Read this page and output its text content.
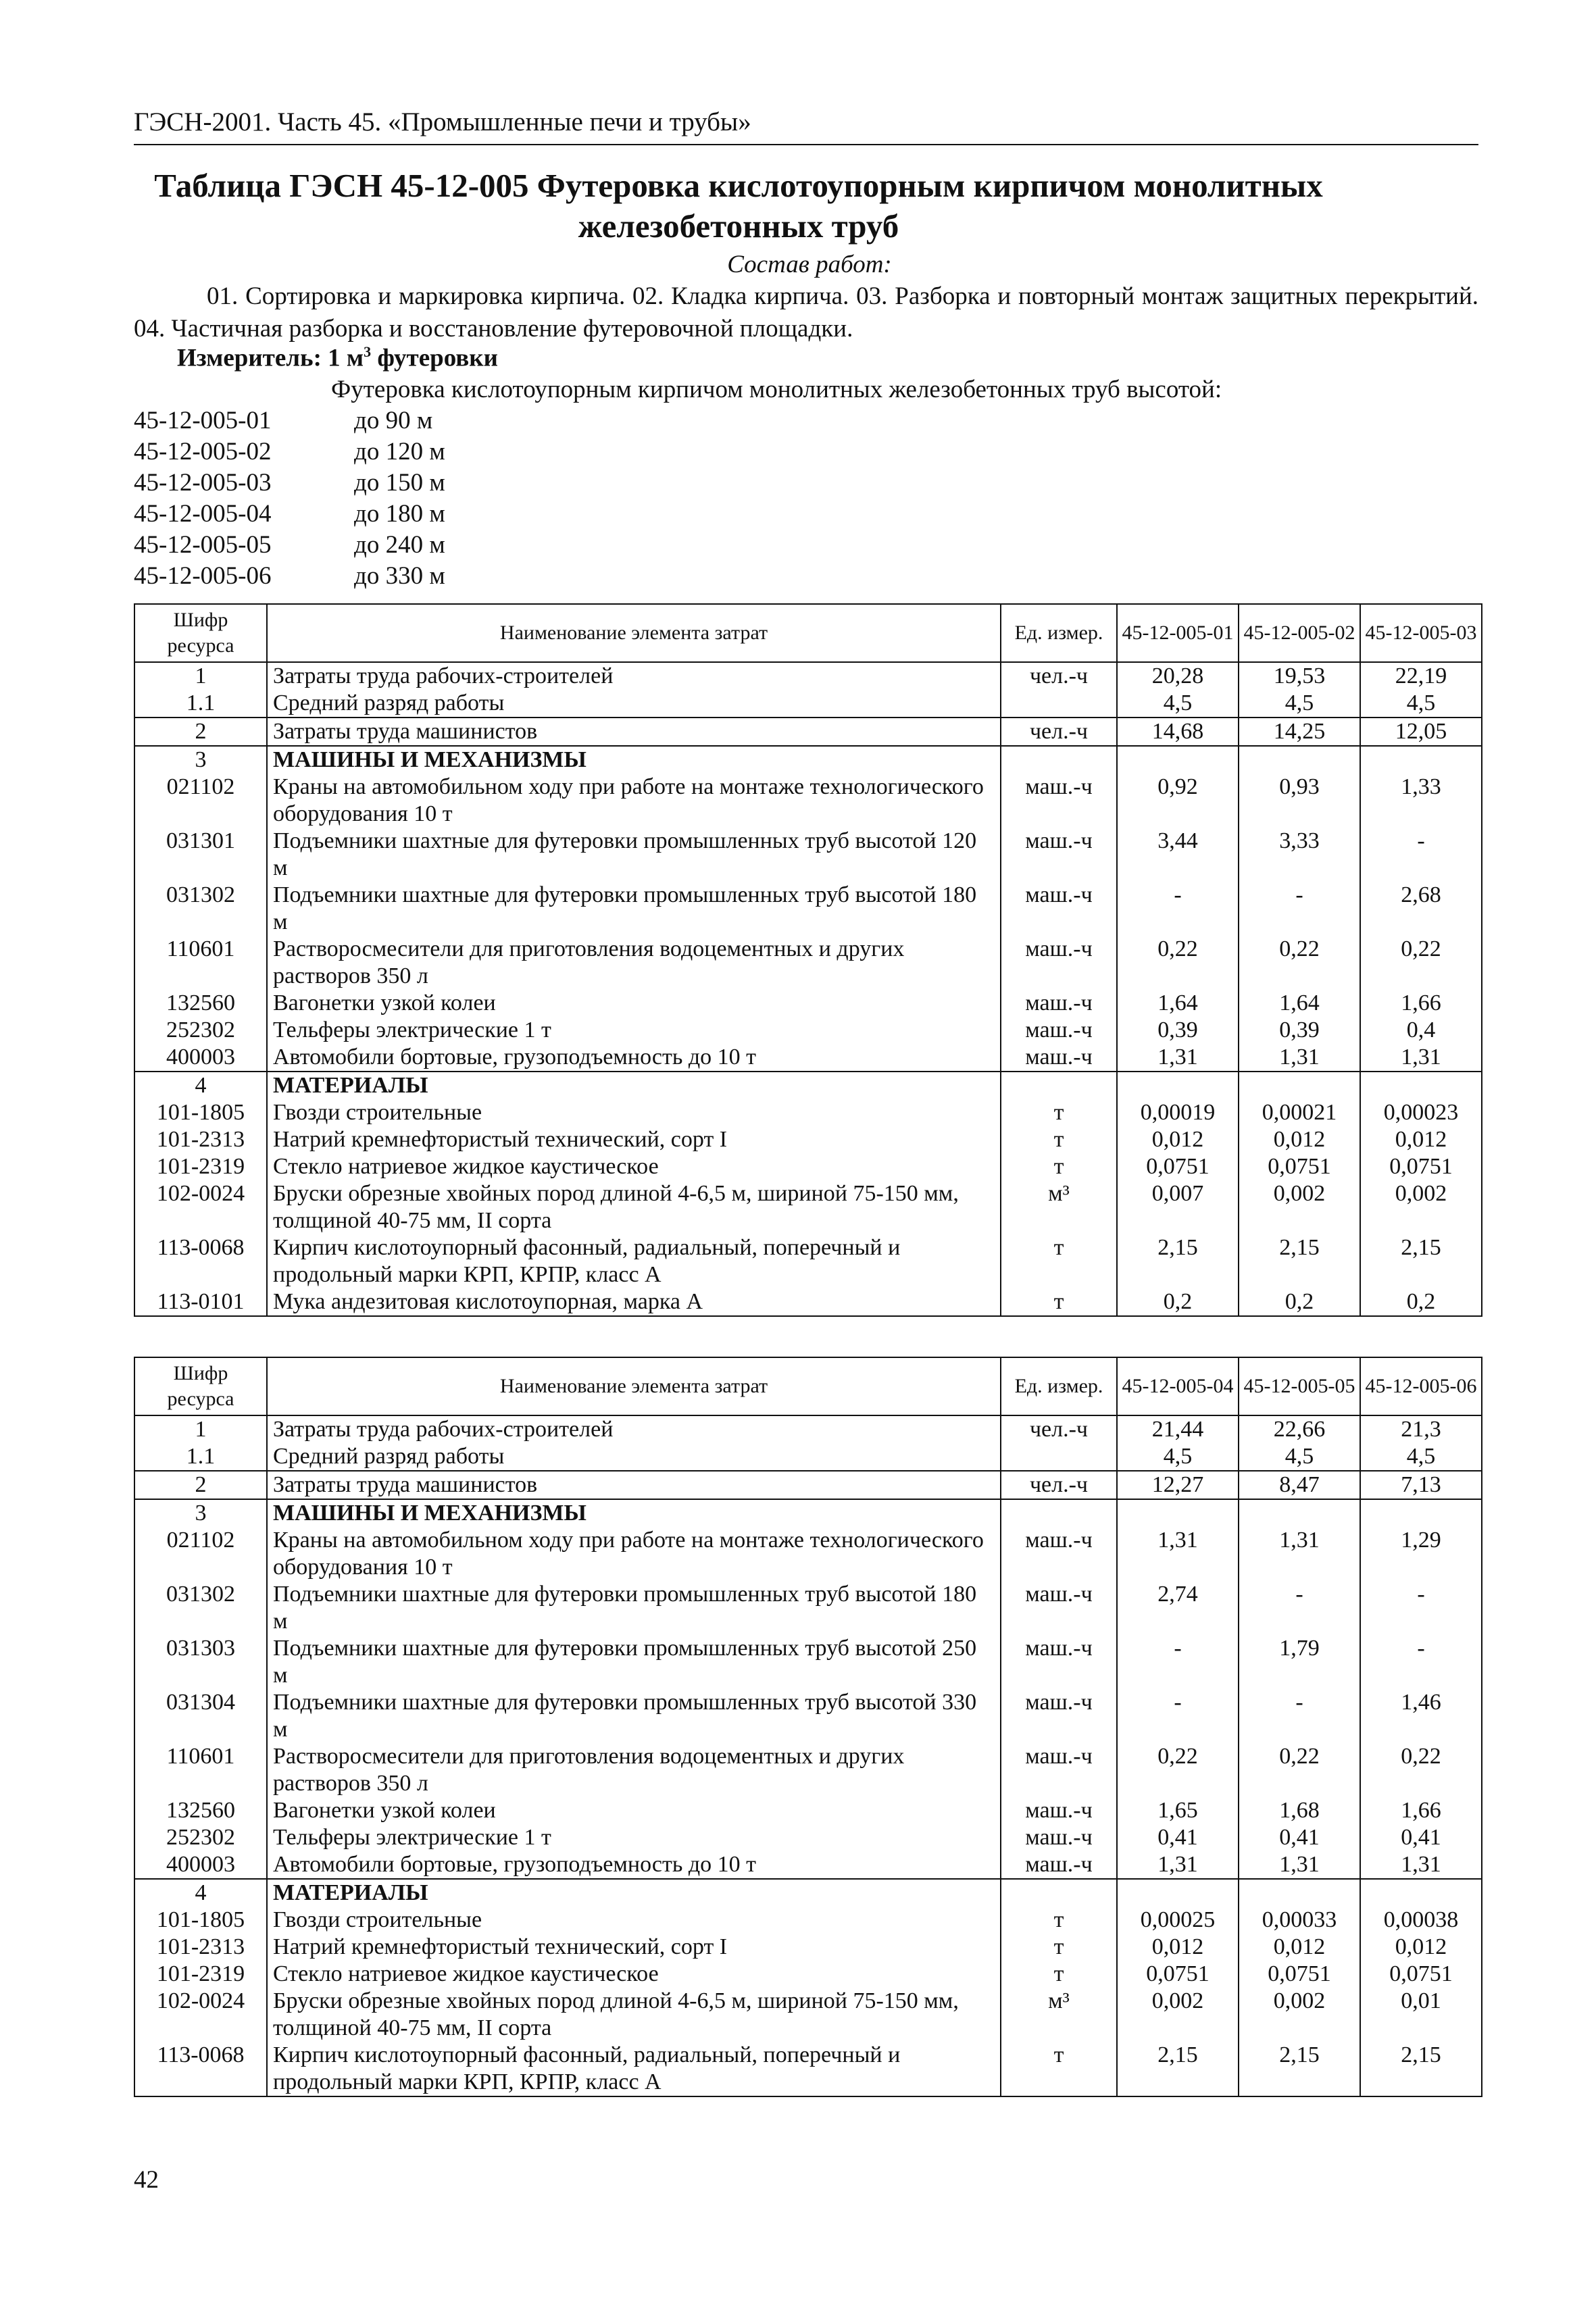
ГЭСН-2001. Часть 45. «Промышленные печи и трубы»
Таблица ГЭСН 45-12-005 Футеровка кислотоупорным кирпичом монолитных
железобетонных труб
Состав работ:
01. Сортировка и маркировка кирпича. 02. Кладка кирпича. 03. Разборка и повторный монтаж защитных перекрытий. 04. Частичная разборка и восстановление футеровочной площадки.
Измеритель: 1 $м^3$ футеровки
Футеровка кислотоупорным кирпичом монолитных железобетонных труб высотой:
45-12-005-01	до 90 м
45-12-005-02	до 120 м
45-12-005-03	до 150 м
45-12-005-04	до 180 м
45-12-005-05	до 240 м
45-12-005-06	до 330 м
Шифр ресурса	Наименование элемента затрат	Ед. измер.	45-12-005-01	45-12-005-02	45-12-005-03
1	Затраты труда рабочих-строителей	чел.-ч	20,28	19,53	22,19
1.1	Средний разряд работы		4,5	4,5	4,5
2	Затраты труда машинистов	чел.-ч	14,68	14,25	12,05
3	МАШИНЫ И МЕХАНИЗМЫ				
021102	Краны на автомобильном ходу при работе на монтаже технологического оборудования 10 т	маш.-ч	0,92	0,93	1,33
031301	Подъемники шахтные для футеровки промышленных труб высотой 120 м	маш.-ч	3,44	3,33	-
031302	Подъемники шахтные для футеровки промышленных труб высотой 180 м	маш.-ч	-	-	2,68
110601	Растворосмесители для приготовления водоцементных и других растворов 350 л	маш.-ч	0,22	0,22	0,22
132560	Вагонетки узкой колеи	маш.-ч	1,64	1,64	1,66
252302	Тельферы электрические 1 т	маш.-ч	0,39	0,39	0,4
400003	Автомобили бортовые, грузоподъемность до 10 т	маш.-ч	1,31	1,31	1,31
4	МАТЕРИАЛЫ				
101-1805	Гвозди строительные	т	0,00019	0,00021	0,00023
101-2313	Натрий кремнефтористый технический, сорт I	т	0,012	0,012	0,012
101-2319	Стекло натриевое жидкое каустическое	т	0,0751	0,0751	0,0751
102-0024	Бруски обрезные хвойных пород длиной 4-6,5 м, шириной 75-150 мм, толщиной 40-75 мм, II сорта	м³	0,007	0,002	0,002
113-0068	Кирпич кислотоупорный фасонный, радиальный, поперечный и продольный марки КРП, КРПР, класс А	т	2,15	2,15	2,15
113-0101	Мука андезитовая кислотоупорная, марка А	т	0,2	0,2	0,2
Шифр ресурса	Наименование элемента затрат	Ед. измер.	45-12-005-04	45-12-005-05	45-12-005-06
1	Затраты труда рабочих-строителей	чел.-ч	21,44	22,66	21,3
1.1	Средний разряд работы		4,5	4,5	4,5
2	Затраты труда машинистов	чел.-ч	12,27	8,47	7,13
3	МАШИНЫ И МЕХАНИЗМЫ				
021102	Краны на автомобильном ходу при работе на монтаже технологического оборудования 10 т	маш.-ч	1,31	1,31	1,29
031302	Подъемники шахтные для футеровки промышленных труб высотой 180 м	маш.-ч	2,74	-	-
031303	Подъемники шахтные для футеровки промышленных труб высотой 250 м	маш.-ч	-	1,79	-
031304	Подъемники шахтные для футеровки промышленных труб высотой 330 м	маш.-ч	-	-	1,46
110601	Растворосмесители для приготовления водоцементных и других растворов 350 л	маш.-ч	0,22	0,22	0,22
132560	Вагонетки узкой колеи	маш.-ч	1,65	1,68	1,66
252302	Тельферы электрические 1 т	маш.-ч	0,41	0,41	0,41
400003	Автомобили бортовые, грузоподъемность до 10 т	маш.-ч	1,31	1,31	1,31
4	МАТЕРИАЛЫ				
101-1805	Гвозди строительные	т	0,00025	0,00033	0,00038
101-2313	Натрий кремнефтористый технический, сорт I	т	0,012	0,012	0,012
101-2319	Стекло натриевое жидкое каустическое	т	0,0751	0,0751	0,0751
102-0024	Бруски обрезные хвойных пород длиной 4-6,5 м, шириной 75-150 мм, толщиной 40-75 мм, II сорта	м³	0,002	0,002	0,01
113-0068	Кирпич кислотоупорный фасонный, радиальный, поперечный и продольный марки КРП, КРПР, класс А	т	2,15	2,15	2,15
42
